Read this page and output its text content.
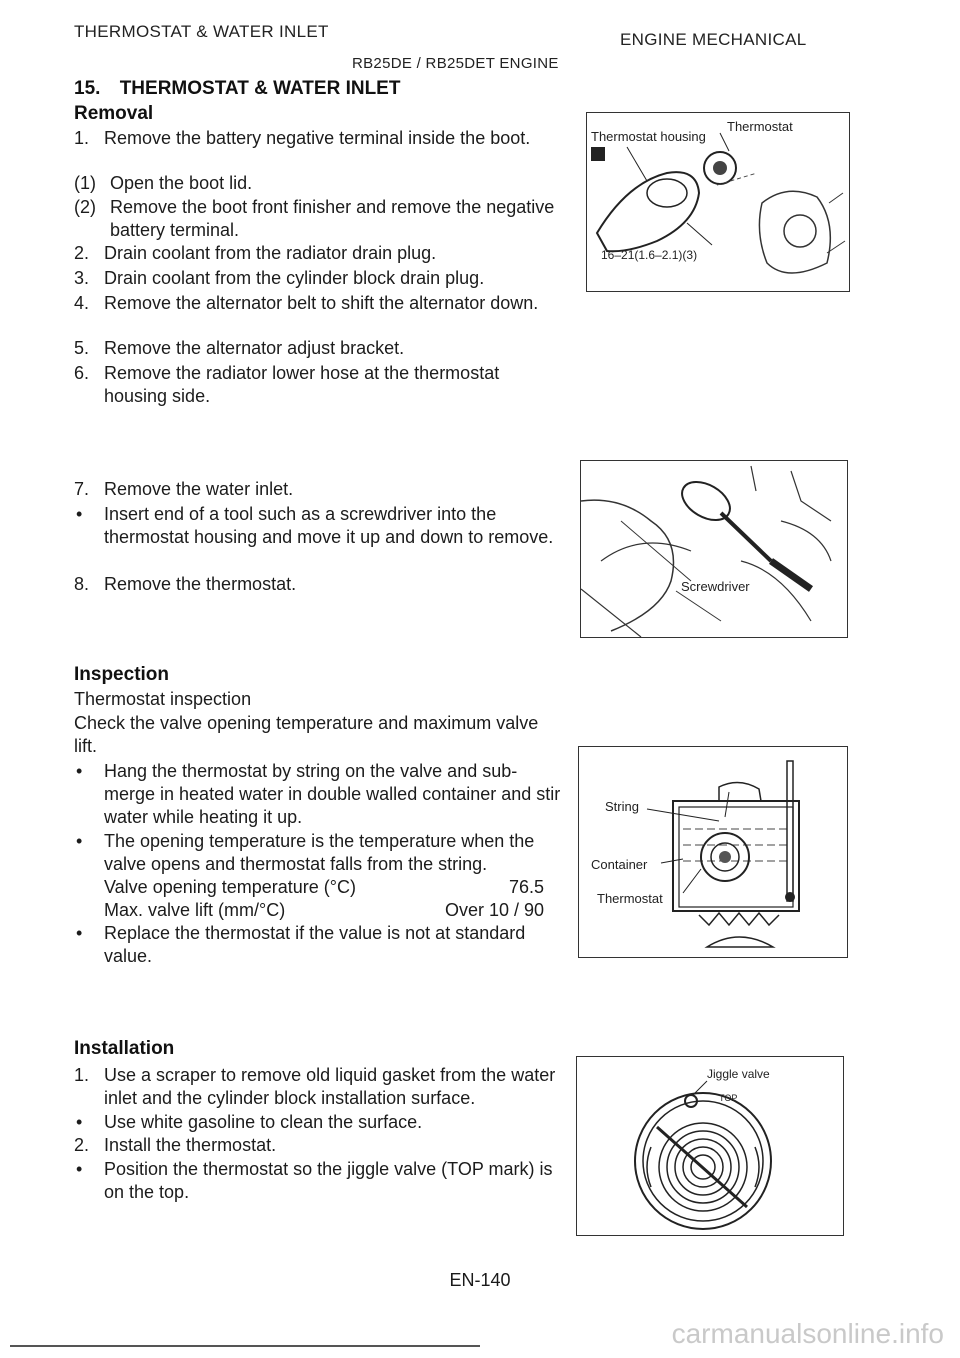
THERMOSTAT & WATER INLET	ENGINE MECHANICAL
RB25DE / RB25DET ENGINE
15. THERMOSTAT & WATER INLET
Removal
1. Remove the battery negative terminal inside the boot.
(1) Open the boot lid.
(2) Remove the boot front finisher and remove the negative battery terminal.
2. Drain coolant from the radiator drain plug.
3. Drain coolant from the cylinder block drain plug.
4. Remove the alternator belt to shift the alternator down.
5. Remove the alternator adjust bracket.
6. Remove the radiator lower hose at the thermostat housing side.
7. Remove the water inlet.
• Insert end of a tool such as a screwdriver into the thermostat housing and move it up and down to remove.
8. Remove the thermostat.
Inspection
Thermostat inspection
Check the valve opening temperature and maximum valve lift.
• Hang the thermostat by string on the valve and sub-merge in heated water in double walled container and stir water while heating it up.
• The opening temperature is the temperature when the valve opens and thermostat falls from the string.
Valve opening temperature (°C)	76.5
Max. valve lift (mm/°C)	Over 10 / 90
• Replace the thermostat if the value is not at standard value.
Installation
1. Use a scraper to remove old liquid gasket from the water inlet and the cylinder block installation surface.
• Use white gasoline to clean the surface.
2. Install the thermostat.
• Position the thermostat so the jiggle valve (TOP mark) is on the top.
Thermostat
Thermostat housing
16–21(1.6–2.1)(3)
Screwdriver
String
Container
Thermostat
Jiggle valve
TOP
EN-140
carmanualsonline.info
